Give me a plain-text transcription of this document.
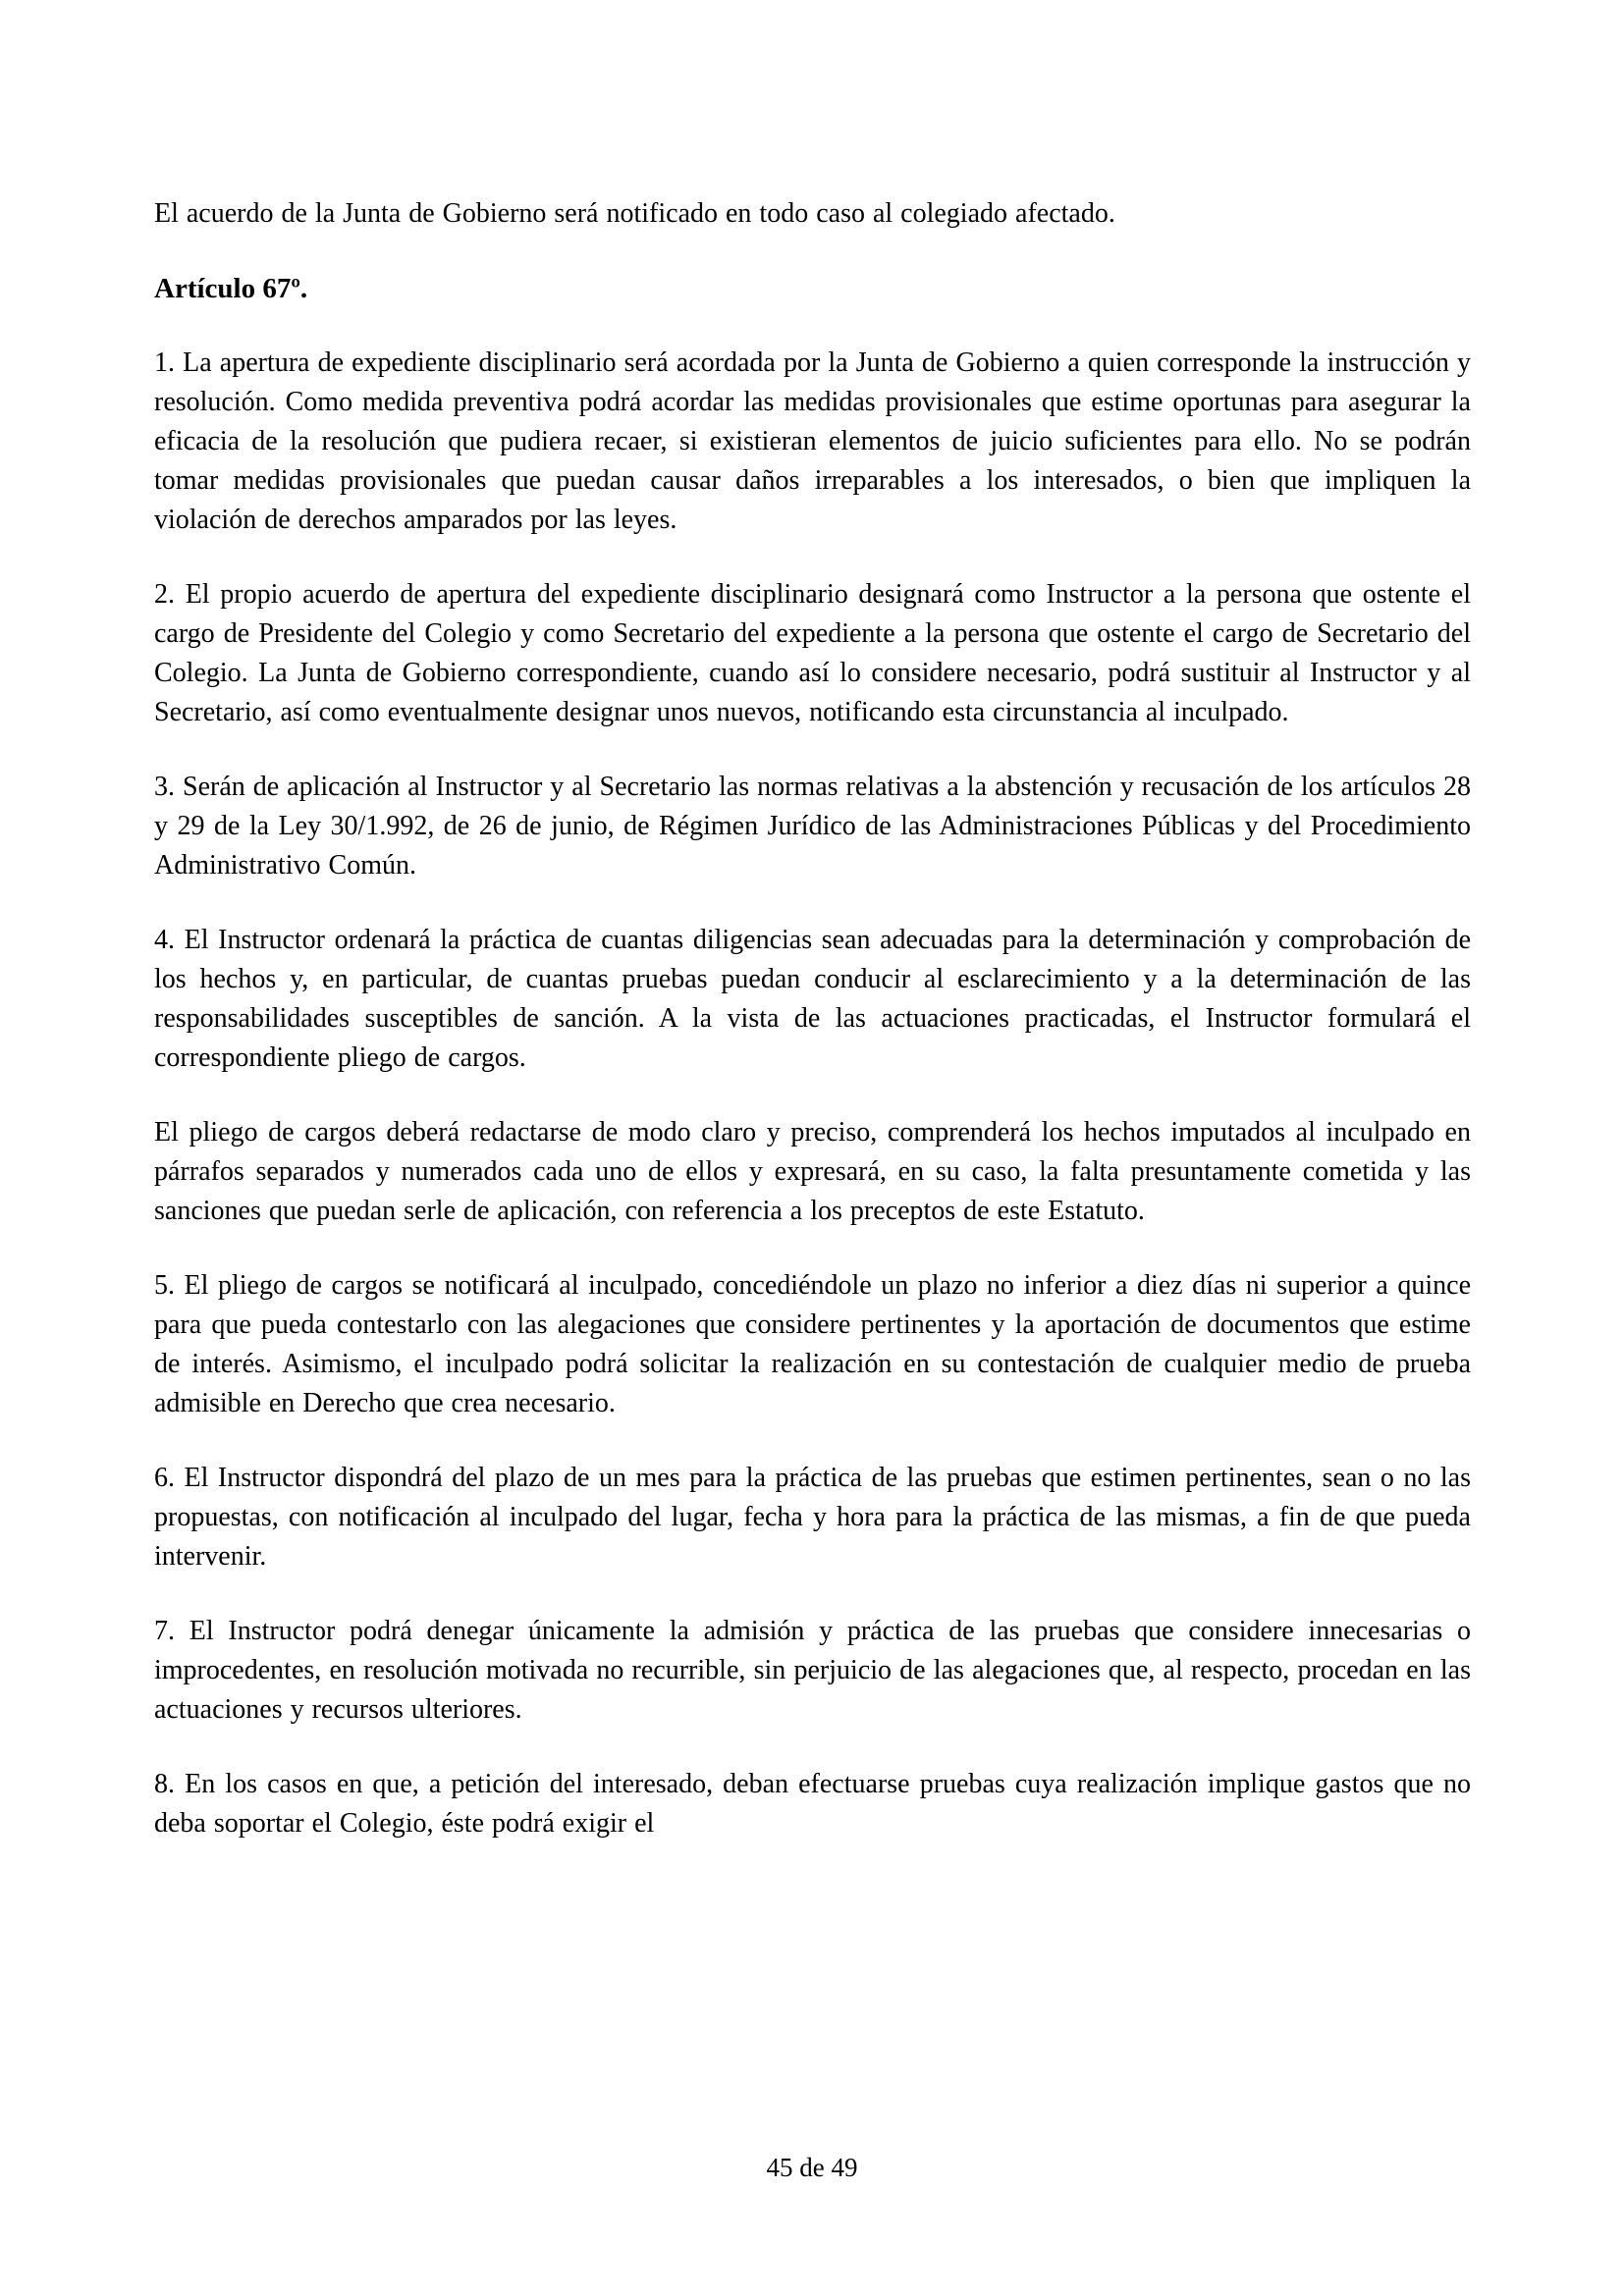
El acuerdo de la Junta de Gobierno será notificado en todo caso al colegiado afectado.

Artículo 67º.

1. La apertura de expediente disciplinario será acordada por la Junta de Gobierno a quien corresponde la instrucción y resolución. Como medida preventiva podrá acordar las medidas provisionales que estime oportunas para asegurar la eficacia de la resolución que pudiera recaer, si existieran elementos de juicio suficientes para ello. No se podrán tomar medidas provisionales que puedan causar daños irreparables a los interesados, o bien que impliquen la violación de derechos amparados por las leyes.

2. El propio acuerdo de apertura del expediente disciplinario designará como Instructor a la persona que ostente el cargo de Presidente del Colegio y como Secretario del expediente a la persona que ostente el cargo de Secretario del Colegio. La Junta de Gobierno correspondiente, cuando así lo considere necesario, podrá sustituir al Instructor y al Secretario, así como eventualmente designar unos nuevos, notificando esta circunstancia al inculpado.

3. Serán de aplicación al Instructor y al Secretario las normas relativas a la abstención y recusación de los artículos 28 y 29 de la Ley 30/1.992, de 26 de junio, de Régimen Jurídico de las Administraciones Públicas y del Procedimiento Administrativo Común.

4. El Instructor ordenará la práctica de cuantas diligencias sean adecuadas para la determinación y comprobación de los hechos y, en particular, de cuantas pruebas puedan conducir al esclarecimiento y a la determinación de las responsabilidades susceptibles de sanción. A la vista de las actuaciones practicadas, el Instructor formulará el correspondiente pliego de cargos.

El pliego de cargos deberá redactarse de modo claro y preciso, comprenderá los hechos imputados al inculpado en párrafos separados y numerados cada uno de ellos y expresará, en su caso, la falta presuntamente cometida y las sanciones que puedan serle de aplicación, con referencia a los preceptos de este Estatuto.

5. El pliego de cargos se notificará al inculpado, concediéndole un plazo no inferior a diez días ni superior a quince para que pueda contestarlo con las alegaciones que considere pertinentes y la aportación de documentos que estime de interés. Asimismo, el inculpado podrá solicitar la realización en su contestación de cualquier medio de prueba admisible en Derecho que crea necesario.

6. El Instructor dispondrá del plazo de un mes para la práctica de las pruebas que estimen pertinentes, sean o no las propuestas, con notificación al inculpado del lugar, fecha y hora para la práctica de las mismas, a fin de que pueda intervenir.

7. El Instructor podrá denegar únicamente la admisión y práctica de las pruebas que considere innecesarias o improcedentes, en resolución motivada no recurrible, sin perjuicio de las alegaciones que, al respecto, procedan en las actuaciones y recursos ulteriores.

8. En los casos en que, a petición del interesado, deban efectuarse pruebas cuya realización implique gastos que no deba soportar el Colegio, éste podrá exigir el

45 de 49
